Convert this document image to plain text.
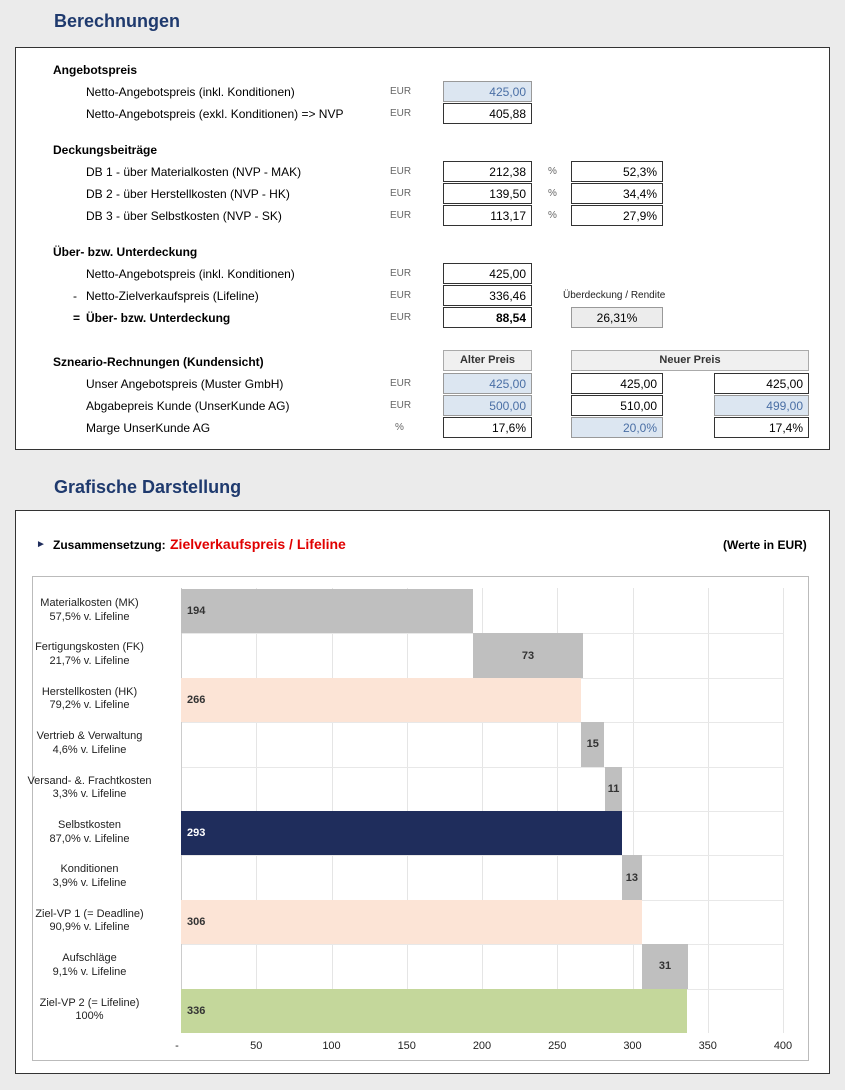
Berechnungen
Angebotspreis
Netto-Angebotspreis (inkl. Konditionen)	EUR	425,00
Netto-Angebotspreis (exkl. Konditionen) => NVP	EUR	405,88
Deckungsbeiträge
DB 1 - über Materialkosten (NVP - MAK)	EUR	212,38	%	52,3%
DB 2 - über Herstellkosten (NVP - HK)	EUR	139,50	%	34,4%
DB 3 - über Selbstkosten (NVP - SK)	EUR	113,17	%	27,9%
Über- bzw. Unterdeckung
Netto-Angebotspreis (inkl. Konditionen)	EUR	425,00
- Netto-Zielverkaufspreis (Lifeline)	EUR	336,46	Überdeckung / Rendite
= Über- bzw. Unterdeckung	EUR	88,54	26,31%
Szneario-Rechnungen (Kundensicht)	Alter Preis	Neuer Preis
Unser Angebotspreis (Muster GmbH)	EUR	425,00	425,00	425,00
Abgabepreis Kunde (UnserKunde AG)	EUR	500,00	510,00	499,00
Marge UnserKunde AG	%	17,6%	20,0%	17,4%
Grafische Darstellung
► Zusammensetzung: Zielverkaufspreis / Lifeline	(Werte in EUR)
Materialkosten (MK)
57,5% v. Lifeline	194
Fertigungskosten (FK)
21,7% v. Lifeline	73
Herstellkosten (HK)
79,2% v. Lifeline	266
Vertrieb & Verwaltung
4,6% v. Lifeline	15
Versand- &. Frachtkosten
3,3% v. Lifeline	11
Selbstkosten
87,0% v. Lifeline	293
Konditionen
3,9% v. Lifeline	13
Ziel-VP 1 (= Deadline)
90,9% v. Lifeline	306
Aufschläge
9,1% v. Lifeline	31
Ziel-VP 2 (= Lifeline)
100%	336
-	50	100	150	200	250	300	350	400
